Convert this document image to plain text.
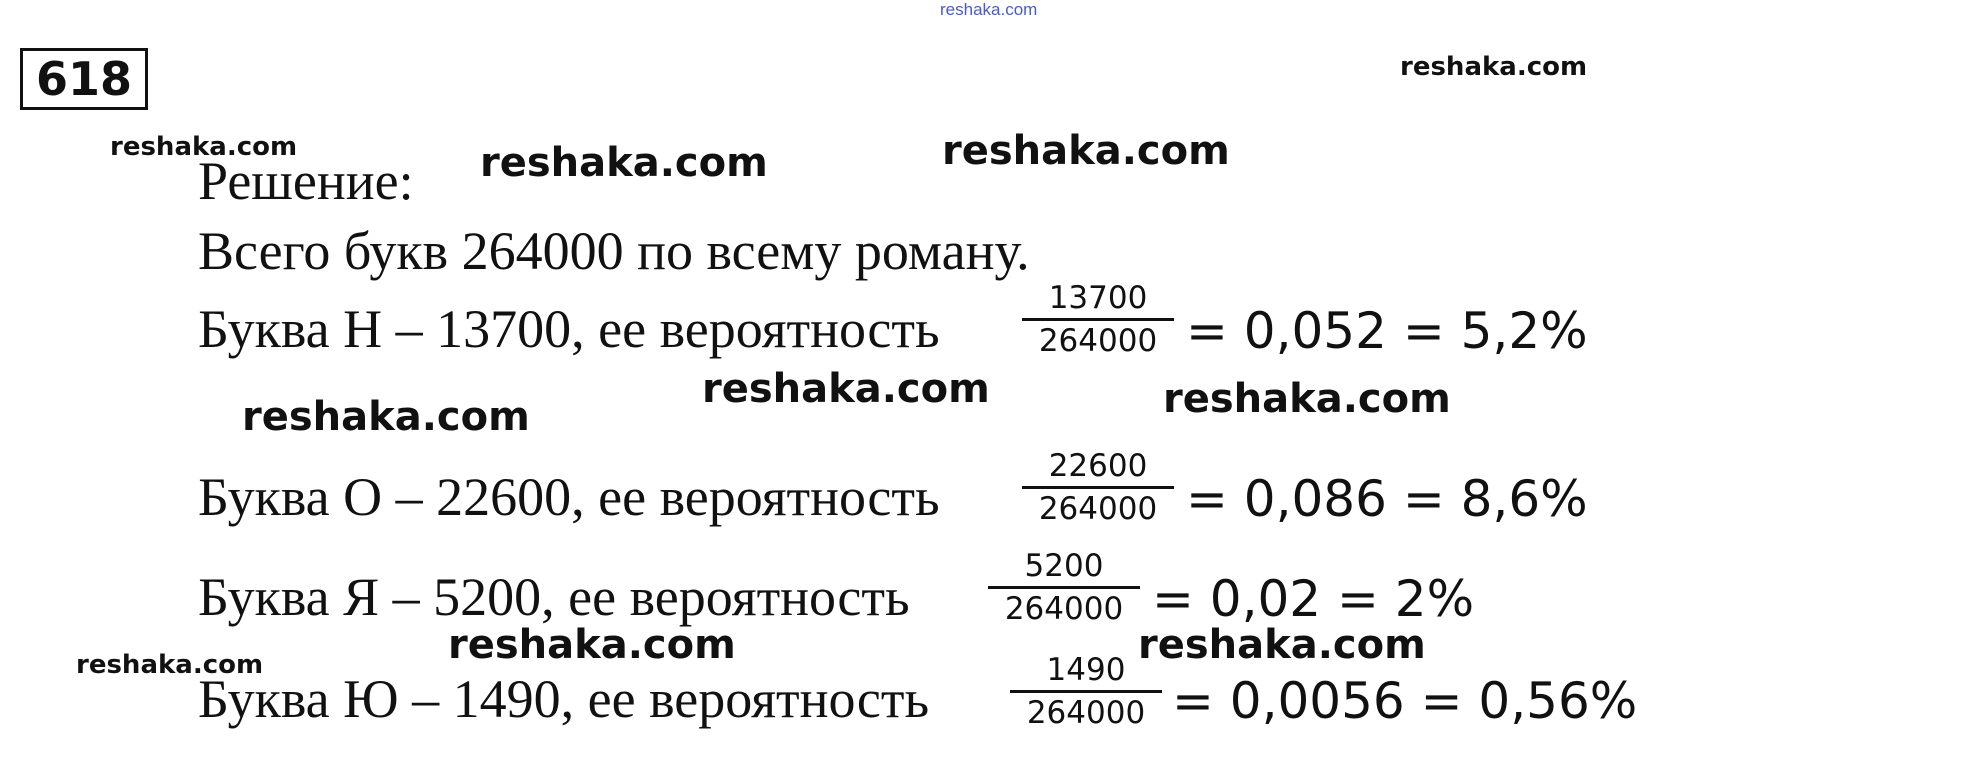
reshaka.com
618	reshaka.com
reshaka.com	reshaka.com	reshaka.com
reshaka.com
reshaka.com	reshaka.com
reshaka.com	reshaka.com	reshaka.com
Решение:
Всего букв 264000 по всему роману.
Буква Н – 13700, ее вероятность
13700
264000 = 0,052 = 5,2%
Буква О – 22600, ее вероятность
22600
264000 = 0,086 = 8,6%
Буква Я – 5200, ее вероятность
5200
264000 = 0,02 = 2%
Буква Ю – 1490, ее вероятность	1490
264000 = 0,0056 = 0,56%
